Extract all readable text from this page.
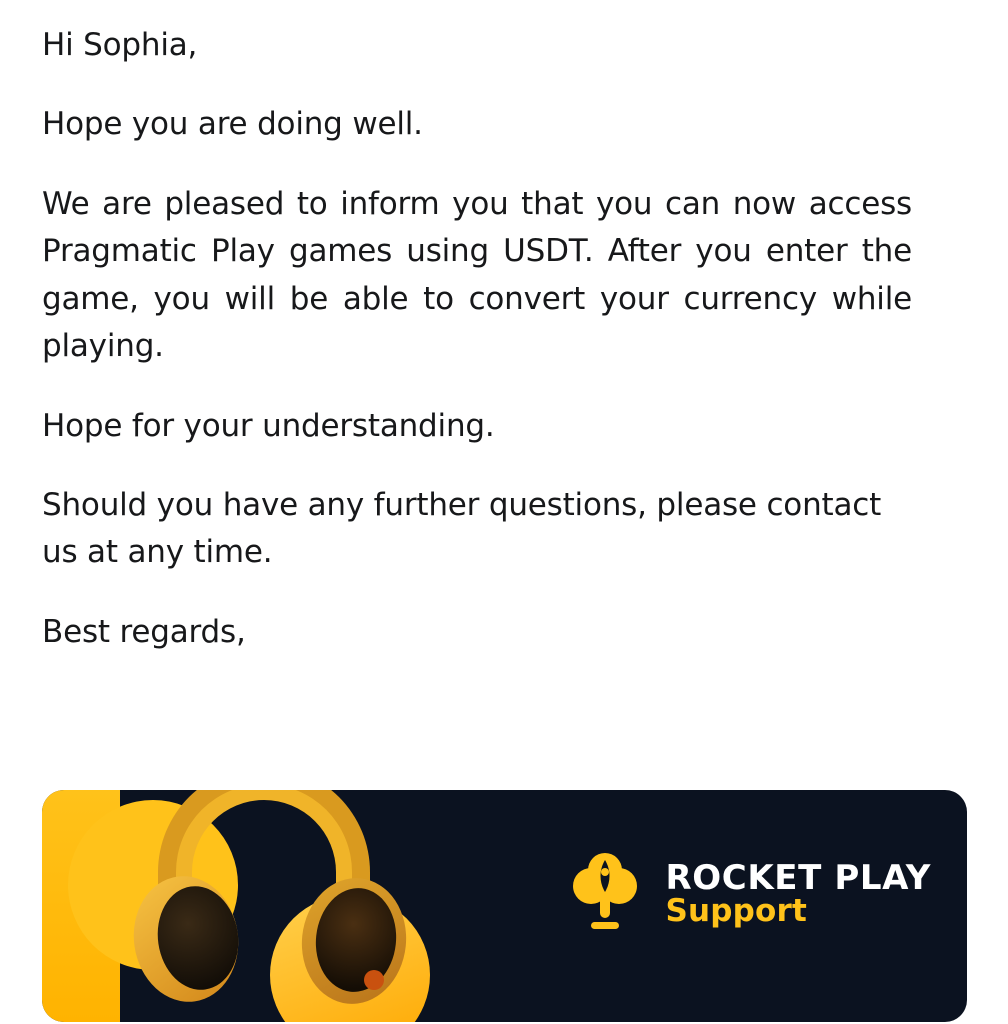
Hi Sophia,

Hope you are doing well.

We are pleased to inform you that you can now access Pragmatic Play games using USDT. After you enter the game, you will be able to convert your currency while playing.

Hope for your understanding.

Should you have any further questions, please contact us at any time.

Best regards,

ROCKET PLAY
Support
